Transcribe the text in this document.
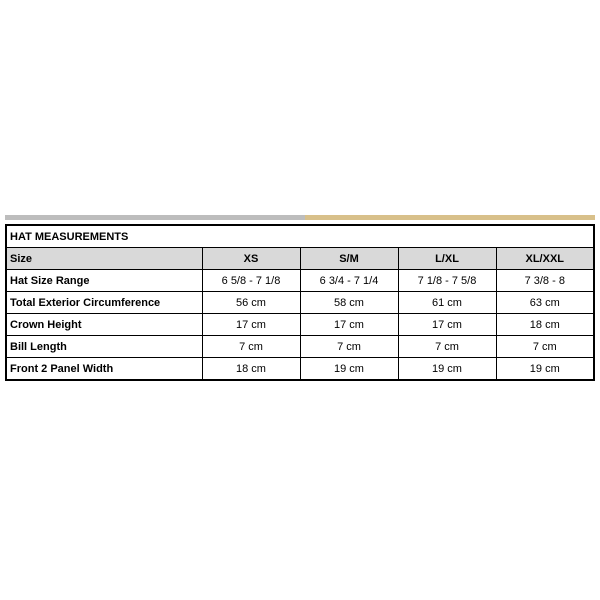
HAT MEASUREMENTS				
Size	XS	S/M	L/XL	XL/XXL
Hat Size Range	6 5/8 - 7 1/8	6 3/4 - 7 1/4	7 1/8 - 7 5/8	7 3/8 - 8
Total Exterior Circumference	56 cm	58 cm	61 cm	63 cm
Crown Height	17 cm	17 cm	17 cm	18 cm
Bill Length	7 cm	7 cm	7 cm	7 cm
Front 2 Panel Width	18 cm	19 cm	19 cm	19 cm
